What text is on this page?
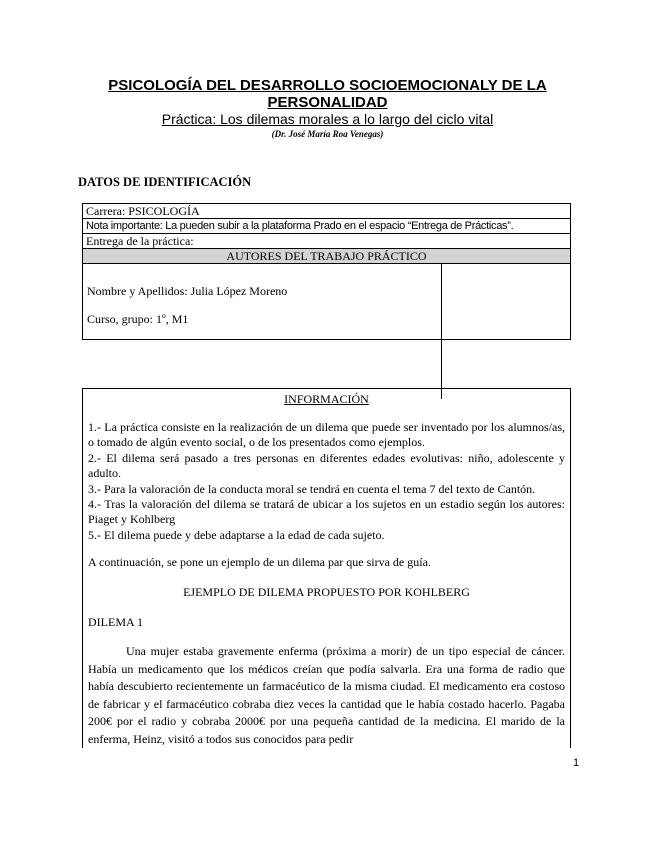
PSICOLOGÍA DEL DESARROLLO SOCIOEMOCIONALY DE LA PERSONALIDAD
Práctica: Los dilemas morales a lo largo del ciclo vital
(Dr. José María Roa Venegas)
DATOS DE IDENTIFICACIÓN
Carrera: PSICOLOGÍA
Nota importante: La pueden subir a la plataforma Prado en el espacio “Entrega de Prácticas”.
Entrega de la práctica:
AUTORES DEL TRABAJO PRÁCTICO
Nombre y Apellidos: Julia López Moreno
Curso, grupo: 1º, M1
INFORMACIÓN
1.- La práctica consiste en la realización de un dilema que puede ser inventado por los alumnos/as, o tomado de algún evento social, o de los presentados como ejemplos.
2.- El dilema será pasado a tres personas en diferentes edades evolutivas: niño, adolescente y adulto.
3.- Para la valoración de la conducta moral se tendrá en cuenta el tema 7 del texto de Cantón.
4.- Tras la valoración del dilema se tratará de ubicar a los sujetos en un estadio según los autores: Piaget y Kohlberg
5.- El dilema puede y debe adaptarse a la edad de cada sujeto.
A continuación, se pone un ejemplo de un dilema par que sirva de guía.
EJEMPLO DE DILEMA PROPUESTO POR KOHLBERG
DILEMA 1
Una mujer estaba gravemente enferma (próxima a morir) de un tipo especial de cáncer. Había un medicamento que los médicos creían que podía salvarla. Era una forma de radio que había descubierto recientemente un farmacéutico de la misma ciudad. El medicamento era costoso de fabricar y el farmacéutico cobraba diez veces la cantidad que le había costado hacerlo. Pagaba 200€ por el radio y cobraba 2000€ por una pequeña cantidad de la medicina. El marido de la enferma, Heinz, visitó a todos sus conocidos para pedir
1
